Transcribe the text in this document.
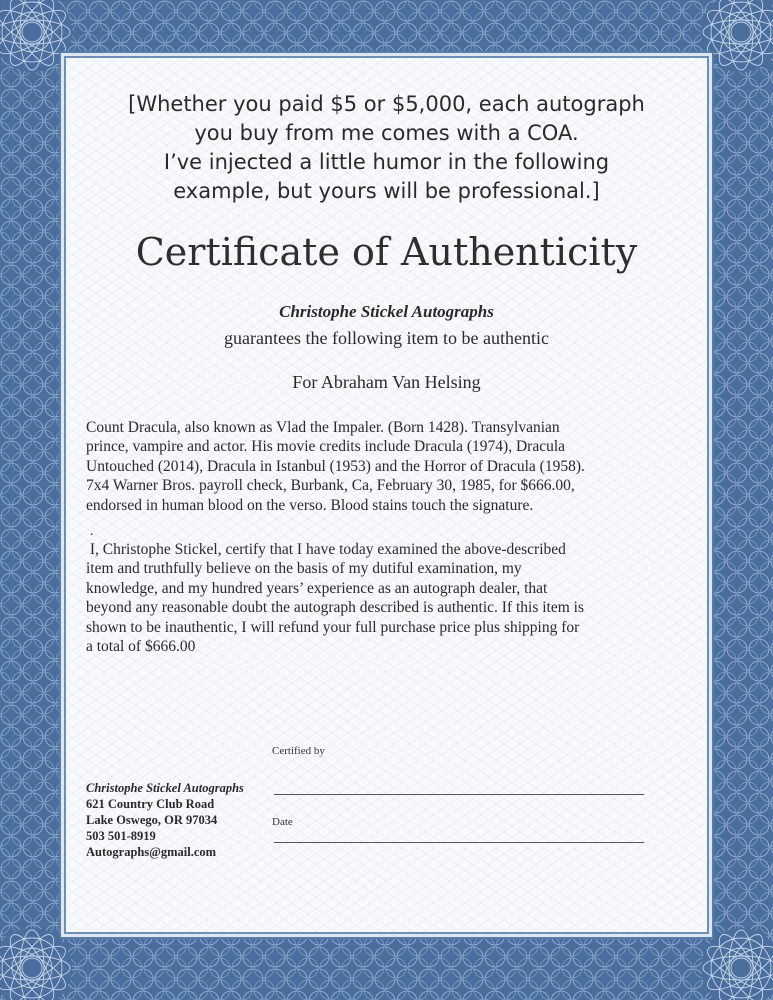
[Whether you paid $5 or $5,000, each autograph
you buy from me comes with a COA.
I’ve injected a little humor in the following
example, but yours will be professional.]
Certificate of Authenticity
Christophe Stickel Autographs
guarantees the following item to be authentic
For Abraham Van Helsing
Count Dracula, also known as Vlad the Impaler. (Born 1428). Transylvanian
prince, vampire and actor. His movie credits include Dracula (1974), Dracula
Untouched (2014), Dracula in Istanbul (1953) and the Horror of Dracula (1958).
7x4 Warner Bros. payroll check, Burbank, Ca, February 30, 1985, for $666.00,
endorsed in human blood on the verso. Blood stains touch the signature.
.
I, Christophe Stickel, certify that I have today examined the above-described
item and truthfully believe on the basis of my dutiful examination, my
knowledge, and my hundred years’ experience as an autograph dealer, that
beyond any reasonable doubt the autograph described is authentic. If this item is
shown to be inauthentic, I will refund your full purchase price plus shipping for
a total of $666.00
Certified by
Date
Christophe Stickel Autographs
621 Country Club Road
Lake Oswego, OR 97034
503 501-8919
Autographs@gmail.com
